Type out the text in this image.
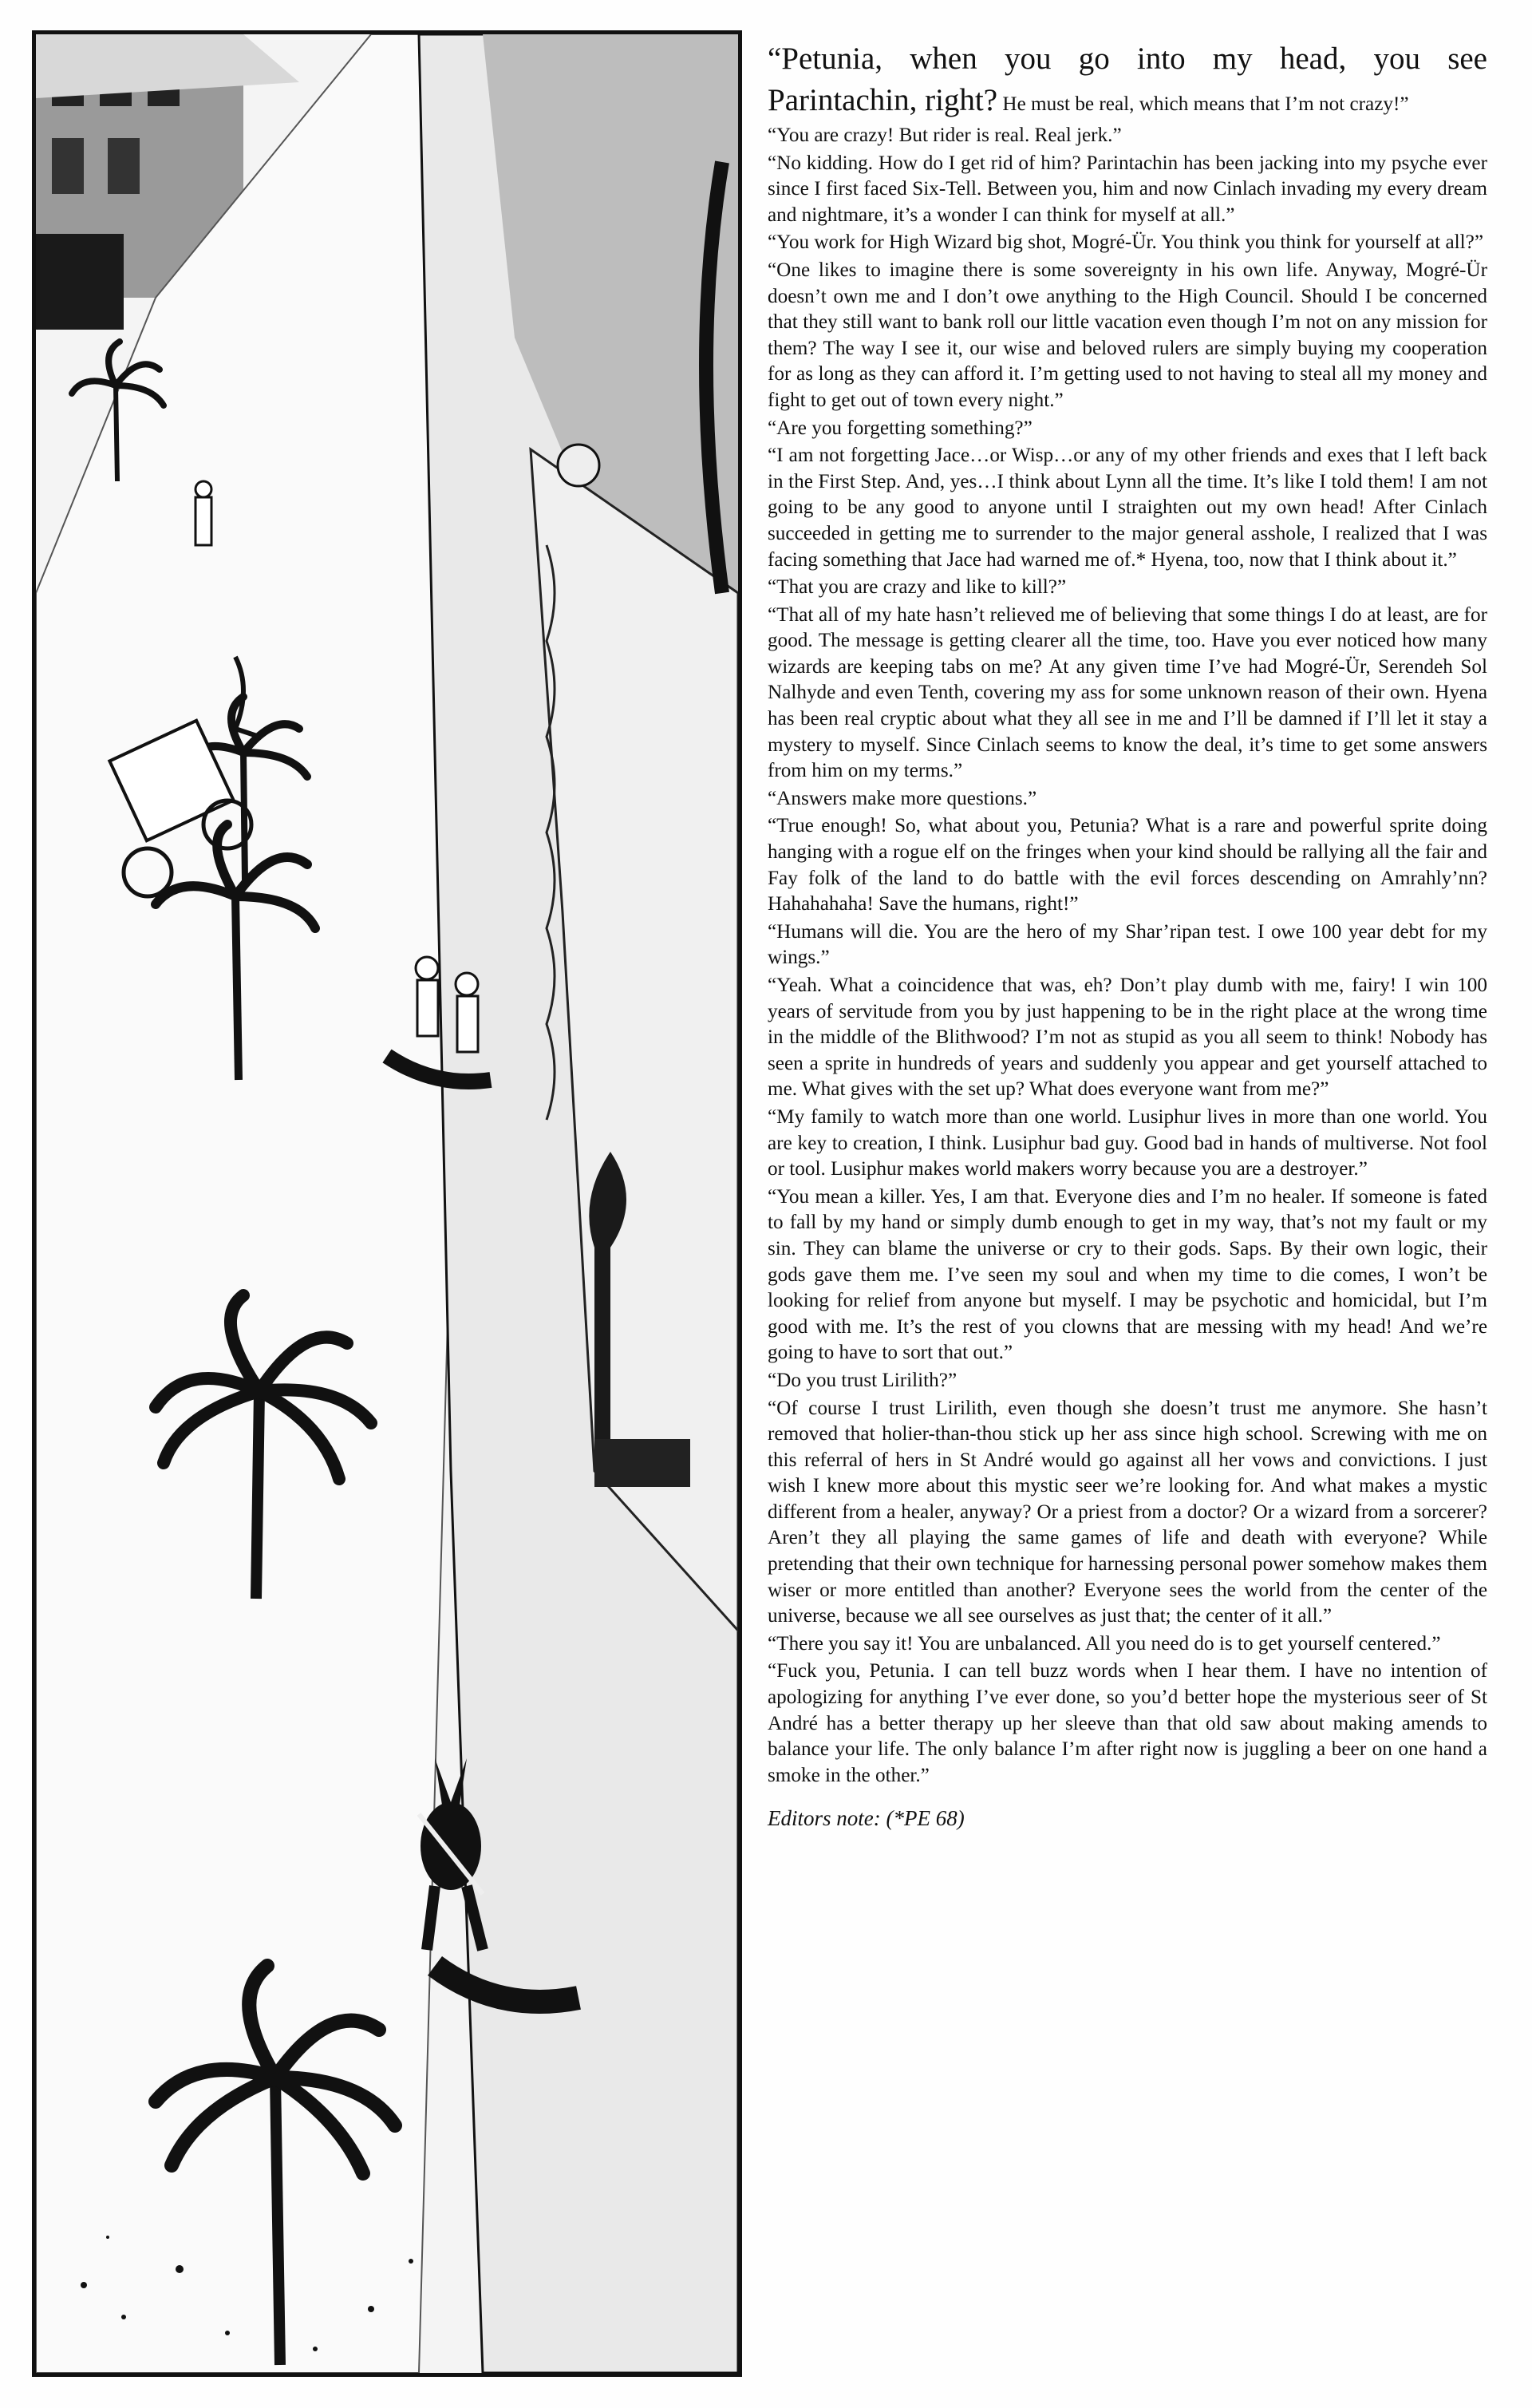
“Petunia, when you go into my head, you see Parintachin, right? He must be real, which means that I’m not crazy!”

“You are crazy! But rider is real. Real jerk.”

“No kidding. How do I get rid of him? Parintachin has been jacking into my psyche ever since I first faced Six-Tell. Between you, him and now Cinlach invading my every dream and nightmare, it’s a wonder I can think for myself at all.”

“You work for High Wizard big shot, Mogré-Ür. You think you think for yourself at all?”

“One likes to imagine there is some sovereignty in his own life. Anyway, Mogré-Ür doesn’t own me and I don’t owe anything to the High Council. Should I be concerned that they still want to bank roll our little vacation even though I’m not on any mission for them? The way I see it, our wise and beloved rulers are simply buying my cooperation for as long as they can afford it. I’m getting used to not having to steal all my money and fight to get out of town every night.”

“Are you forgetting something?”

“I am not forgetting Jace…or Wisp…or any of my other friends and exes that I left back in the First Step. And, yes…I think about Lynn all the time. It’s like I told them! I am not going to be any good to anyone until I straighten out my own head! After Cinlach succeeded in getting me to surrender to the major general asshole, I realized that I was facing something that Jace had warned me of.* Hyena, too, now that I think about it.”

“That you are crazy and like to kill?”

“That all of my hate hasn’t relieved me of believing that some things I do at least, are for good. The message is getting clearer all the time, too. Have you ever noticed how many wizards are keeping tabs on me? At any given time I’ve had Mogré-Ür, Serendeh Sol Nalhyde and even Tenth, covering my ass for some unknown reason of their own. Hyena has been real cryptic about what they all see in me and I’ll be damned if I’ll let it stay a mystery to myself. Since Cinlach seems to know the deal, it’s time to get some answers from him on my terms.”

“Answers make more questions.”

“True enough! So, what about you, Petunia? What is a rare and powerful sprite doing hanging with a rogue elf on the fringes when your kind should be rallying all the fair and Fay folk of the land to do battle with the evil forces descending on Amrahly’nn? Hahahahaha! Save the humans, right!”

“Humans will die. You are the hero of my Shar’ripan test. I owe 100 year debt for my wings.”

“Yeah. What a coincidence that was, eh? Don’t play dumb with me, fairy! I win 100 years of servitude from you by just happening to be in the right place at the wrong time in the middle of the Blithwood? I’m not as stupid as you all seem to think! Nobody has seen a sprite in hundreds of years and suddenly you appear and get yourself attached to me. What gives with the set up? What does everyone want from me?”

“My family to watch more than one world. Lusiphur lives in more than one world. You are key to creation, I think. Lusiphur bad guy. Good bad in hands of multiverse. Not fool or tool. Lusiphur makes world makers worry because you are a destroyer.”

“You mean a killer. Yes, I am that. Everyone dies and I’m no healer. If someone is fated to fall by my hand or simply dumb enough to get in my way, that’s not my fault or my sin. They can blame the universe or cry to their gods. Saps. By their own logic, their gods gave them me. I’ve seen my soul and when my time to die comes, I won’t be looking for relief from anyone but myself. I may be psychotic and homicidal, but I’m good with me. It’s the rest of you clowns that are messing with my head! And we’re going to have to sort that out.”

“Do you trust Lirilith?”

“Of course I trust Lirilith, even though she doesn’t trust me anymore. She hasn’t removed that holier-than-thou stick up her ass since high school. Screwing with me on this referral of hers in St André would go against all her vows and convictions. I just wish I knew more about this mystic seer we’re looking for. And what makes a mystic different from a healer, anyway? Or a priest from a doctor? Or a wizard from a sorcerer? Aren’t they all playing the same games of life and death with everyone? While pretending that their own technique for harnessing personal power somehow makes them wiser or more entitled than another? Everyone sees the world from the center of the universe, because we all see ourselves as just that; the center of it all.”

“There you say it! You are unbalanced. All you need do is to get yourself centered.”

“Fuck you, Petunia. I can tell buzz words when I hear them. I have no intention of apologizing for anything I’ve ever done, so you’d better hope the mysterious seer of St André has a better therapy up her sleeve than that old saw about making amends to balance your life. The only balance I’m after right now is juggling a beer on one hand a smoke in the other.”

Editors note: (*PE 68)
